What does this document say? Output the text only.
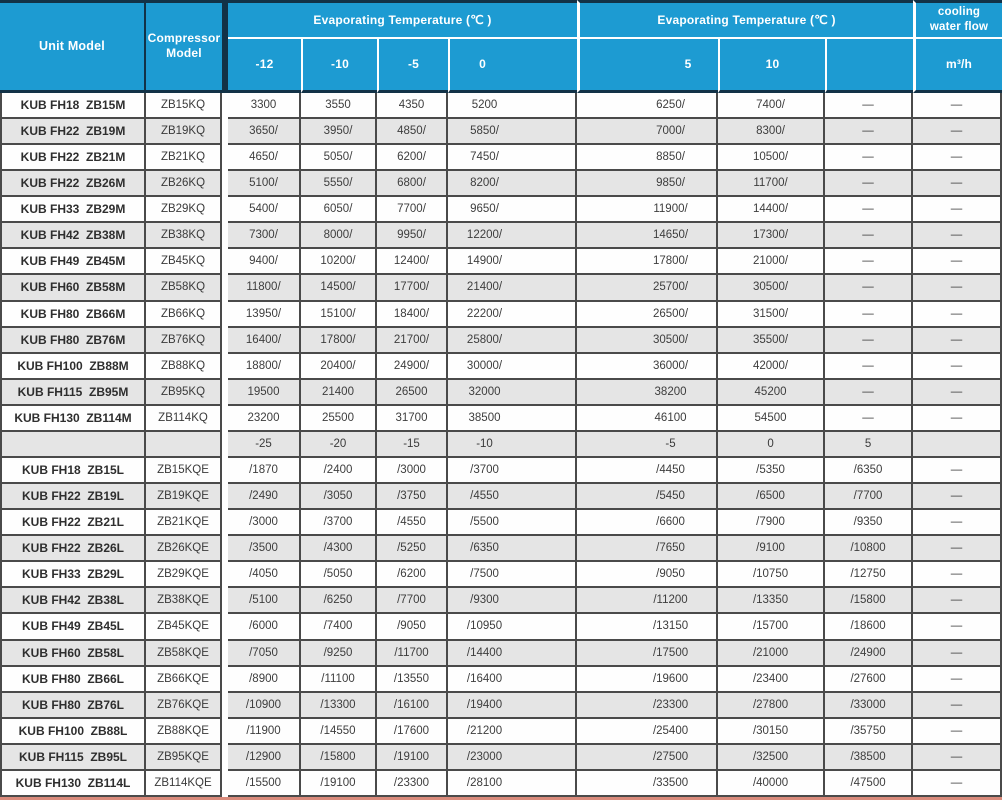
Unit Model	Compressor Model		Evaporating Temperature (℃ )				Evaporating Temperature (℃ )			cooling water flow
			-12	-10	-5	0	5	10		m³/h
KUB FH18  ZB15M	ZB15KQ		3300	3550	4350	5200	6250/	7400/	—	—
KUB FH22  ZB19M	ZB19KQ		3650/	3950/	4850/	5850/	7000/	8300/	—	—
KUB FH22  ZB21M	ZB21KQ		4650/	5050/	6200/	7450/	8850/	10500/	—	—
KUB FH22  ZB26M	ZB26KQ		5100/	5550/	6800/	8200/	9850/	11700/	—	—
KUB FH33  ZB29M	ZB29KQ		5400/	6050/	7700/	9650/	11900/	14400/	—	—
KUB FH42  ZB38M	ZB38KQ		7300/	8000/	9950/	12200/	14650/	17300/	—	—
KUB FH49  ZB45M	ZB45KQ		9400/	10200/	12400/	14900/	17800/	21000/	—	—
KUB FH60  ZB58M	ZB58KQ		11800/	14500/	17700/	21400/	25700/	30500/	—	—
KUB FH80  ZB66M	ZB66KQ		13950/	15100/	18400/	22200/	26500/	31500/	—	—
KUB FH80  ZB76M	ZB76KQ		16400/	17800/	21700/	25800/	30500/	35500/	—	—
KUB FH100  ZB88M	ZB88KQ		18800/	20400/	24900/	30000/	36000/	42000/	—	—
KUB FH115  ZB95M	ZB95KQ		19500	21400	26500	32000	38200	45200	—	—
KUB FH130  ZB114M	ZB114KQ		23200	25500	31700	38500	46100	54500	—	—
			-25	-20	-15	-10	-5	0	5	
KUB FH18  ZB15L	ZB15KQE		/1870	/2400	/3000	/3700	/4450	/5350	/6350	—
KUB FH22  ZB19L	ZB19KQE		/2490	/3050	/3750	/4550	/5450	/6500	/7700	—
KUB FH22  ZB21L	ZB21KQE		/3000	/3700	/4550	/5500	/6600	/7900	/9350	—
KUB FH22  ZB26L	ZB26KQE		/3500	/4300	/5250	/6350	/7650	/9100	/10800	—
KUB FH33  ZB29L	ZB29KQE		/4050	/5050	/6200	/7500	/9050	/10750	/12750	—
KUB FH42  ZB38L	ZB38KQE		/5100	/6250	/7700	/9300	/11200	/13350	/15800	—
KUB FH49  ZB45L	ZB45KQE		/6000	/7400	/9050	/10950	/13150	/15700	/18600	—
KUB FH60  ZB58L	ZB58KQE		/7050	/9250	/11700	/14400	/17500	/21000	/24900	—
KUB FH80  ZB66L	ZB66KQE		/8900	/11100	/13550	/16400	/19600	/23400	/27600	—
KUB FH80  ZB76L	ZB76KQE		/10900	/13300	/16100	/19400	/23300	/27800	/33000	—
KUB FH100  ZB88L	ZB88KQE		/11900	/14550	/17600	/21200	/25400	/30150	/35750	—
KUB FH115  ZB95L	ZB95KQE		/12900	/15800	/19100	/23000	/27500	/32500	/38500	—
KUB FH130  ZB114L	ZB114KQE		/15500	/19100	/23300	/28100	/33500	/40000	/47500	—
